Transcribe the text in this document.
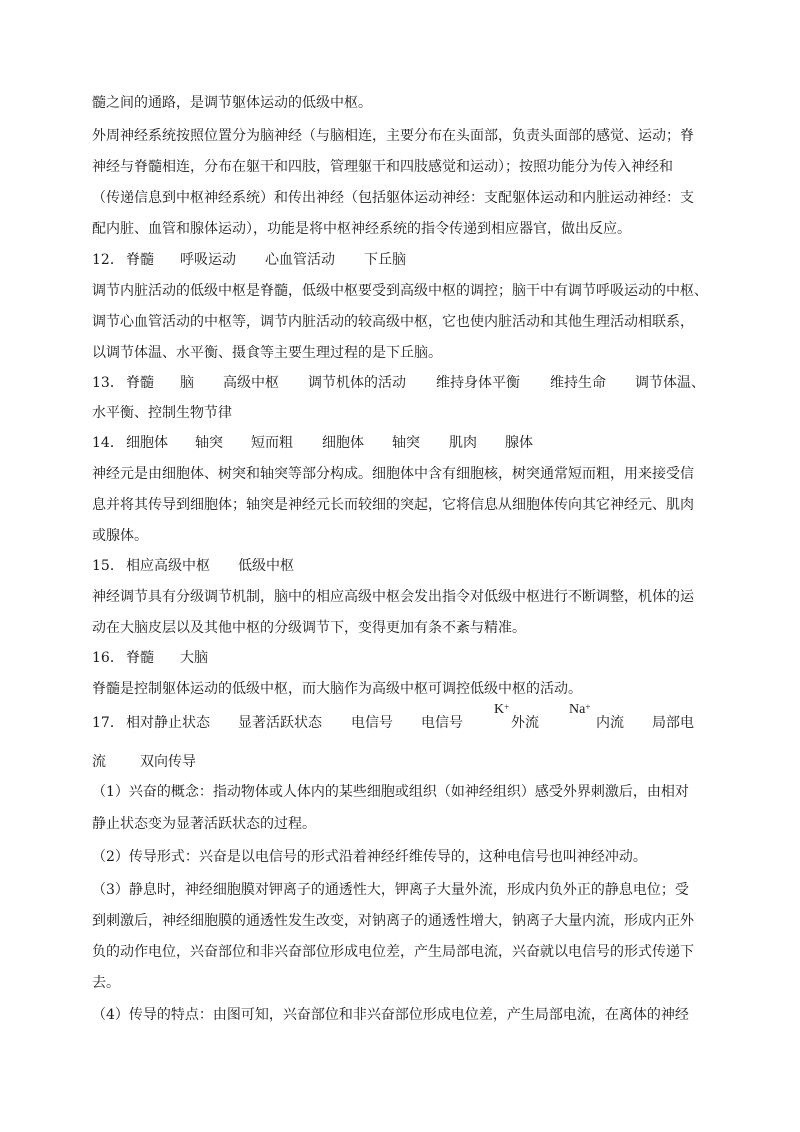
髓之间的通路，是调节躯体运动的低级中枢。

外周神经系统按照位置分为脑神经（与脑相连，主要分布在头面部，负责头面部的感觉、运动；脊

神经与脊髓相连，分布在躯干和四肢，管理躯干和四肢感觉和运动）；按照功能分为传入神经和

（传递信息到中枢神经系统）和传出神经（包括躯体运动神经：支配躯体运动和内脏运动神经：支

配内脏、血管和腺体运动），功能是将中枢神经系统的指令传递到相应器官，做出反应。

12． 脊髓 呼吸运动 心血管活动 下丘脑

调节内脏活动的低级中枢是脊髓，低级中枢要受到高级中枢的调控；脑干中有调节呼吸运动的中枢、

调节心血管活动的中枢等，调节内脏活动的较高级中枢，它也使内脏活动和其他生理活动相联系，

以调节体温、水平衡、摄食等主要生理过程的是下丘脑。

13． 脊髓 脑 高级中枢 调节机体的活动 维持身体平衡 维持生命 调节体温、

水平衡、控制生物节律

14． 细胞体 轴突 短而粗 细胞体 轴突 肌肉 腺体

神经元是由细胞体、树突和轴突等部分构成。细胞体中含有细胞核，树突通常短而粗，用来接受信

息并将其传导到细胞体；轴突是神经元长而较细的突起，它将信息从细胞体传向其它神经元、肌肉

或腺体。

15． 相应高级中枢 低级中枢

神经调节具有分级调节机制，脑中的相应高级中枢会发出指令对低级中枢进行不断调整，机体的运

动在大脑皮层以及其他中枢的分级调节下，变得更加有条不紊与精准。

16． 脊髓 大脑

脊髓是控制躯体运动的低级中枢，而大脑作为高级中枢可调控低级中枢的活动。

17． 相对静止状态 显著活跃状态 电信号 电信号
K+
外流
Na+
内流 局部电
流 双向传导

（1）兴奋的概念：指动物体或人体内的某些细胞或组织（如神经组织）感受外界刺激后，由相对

静止状态变为显著活跃状态的过程。

（2）传导形式：兴奋是以电信号的形式沿着神经纤维传导的，这种电信号也叫神经冲动。

（3）静息时，神经细胞膜对钾离子的通透性大，钾离子大量外流，形成内负外正的静息电位；受

到刺激后，神经细胞膜的通透性发生改变，对钠离子的通透性增大，钠离子大量内流，形成内正外

负的动作电位，兴奋部位和非兴奋部位形成电位差，产生局部电流，兴奋就以电信号的形式传递下

去。

（4）传导的特点：由图可知，兴奋部位和非兴奋部位形成电位差，产生局部电流，在离体的神经
